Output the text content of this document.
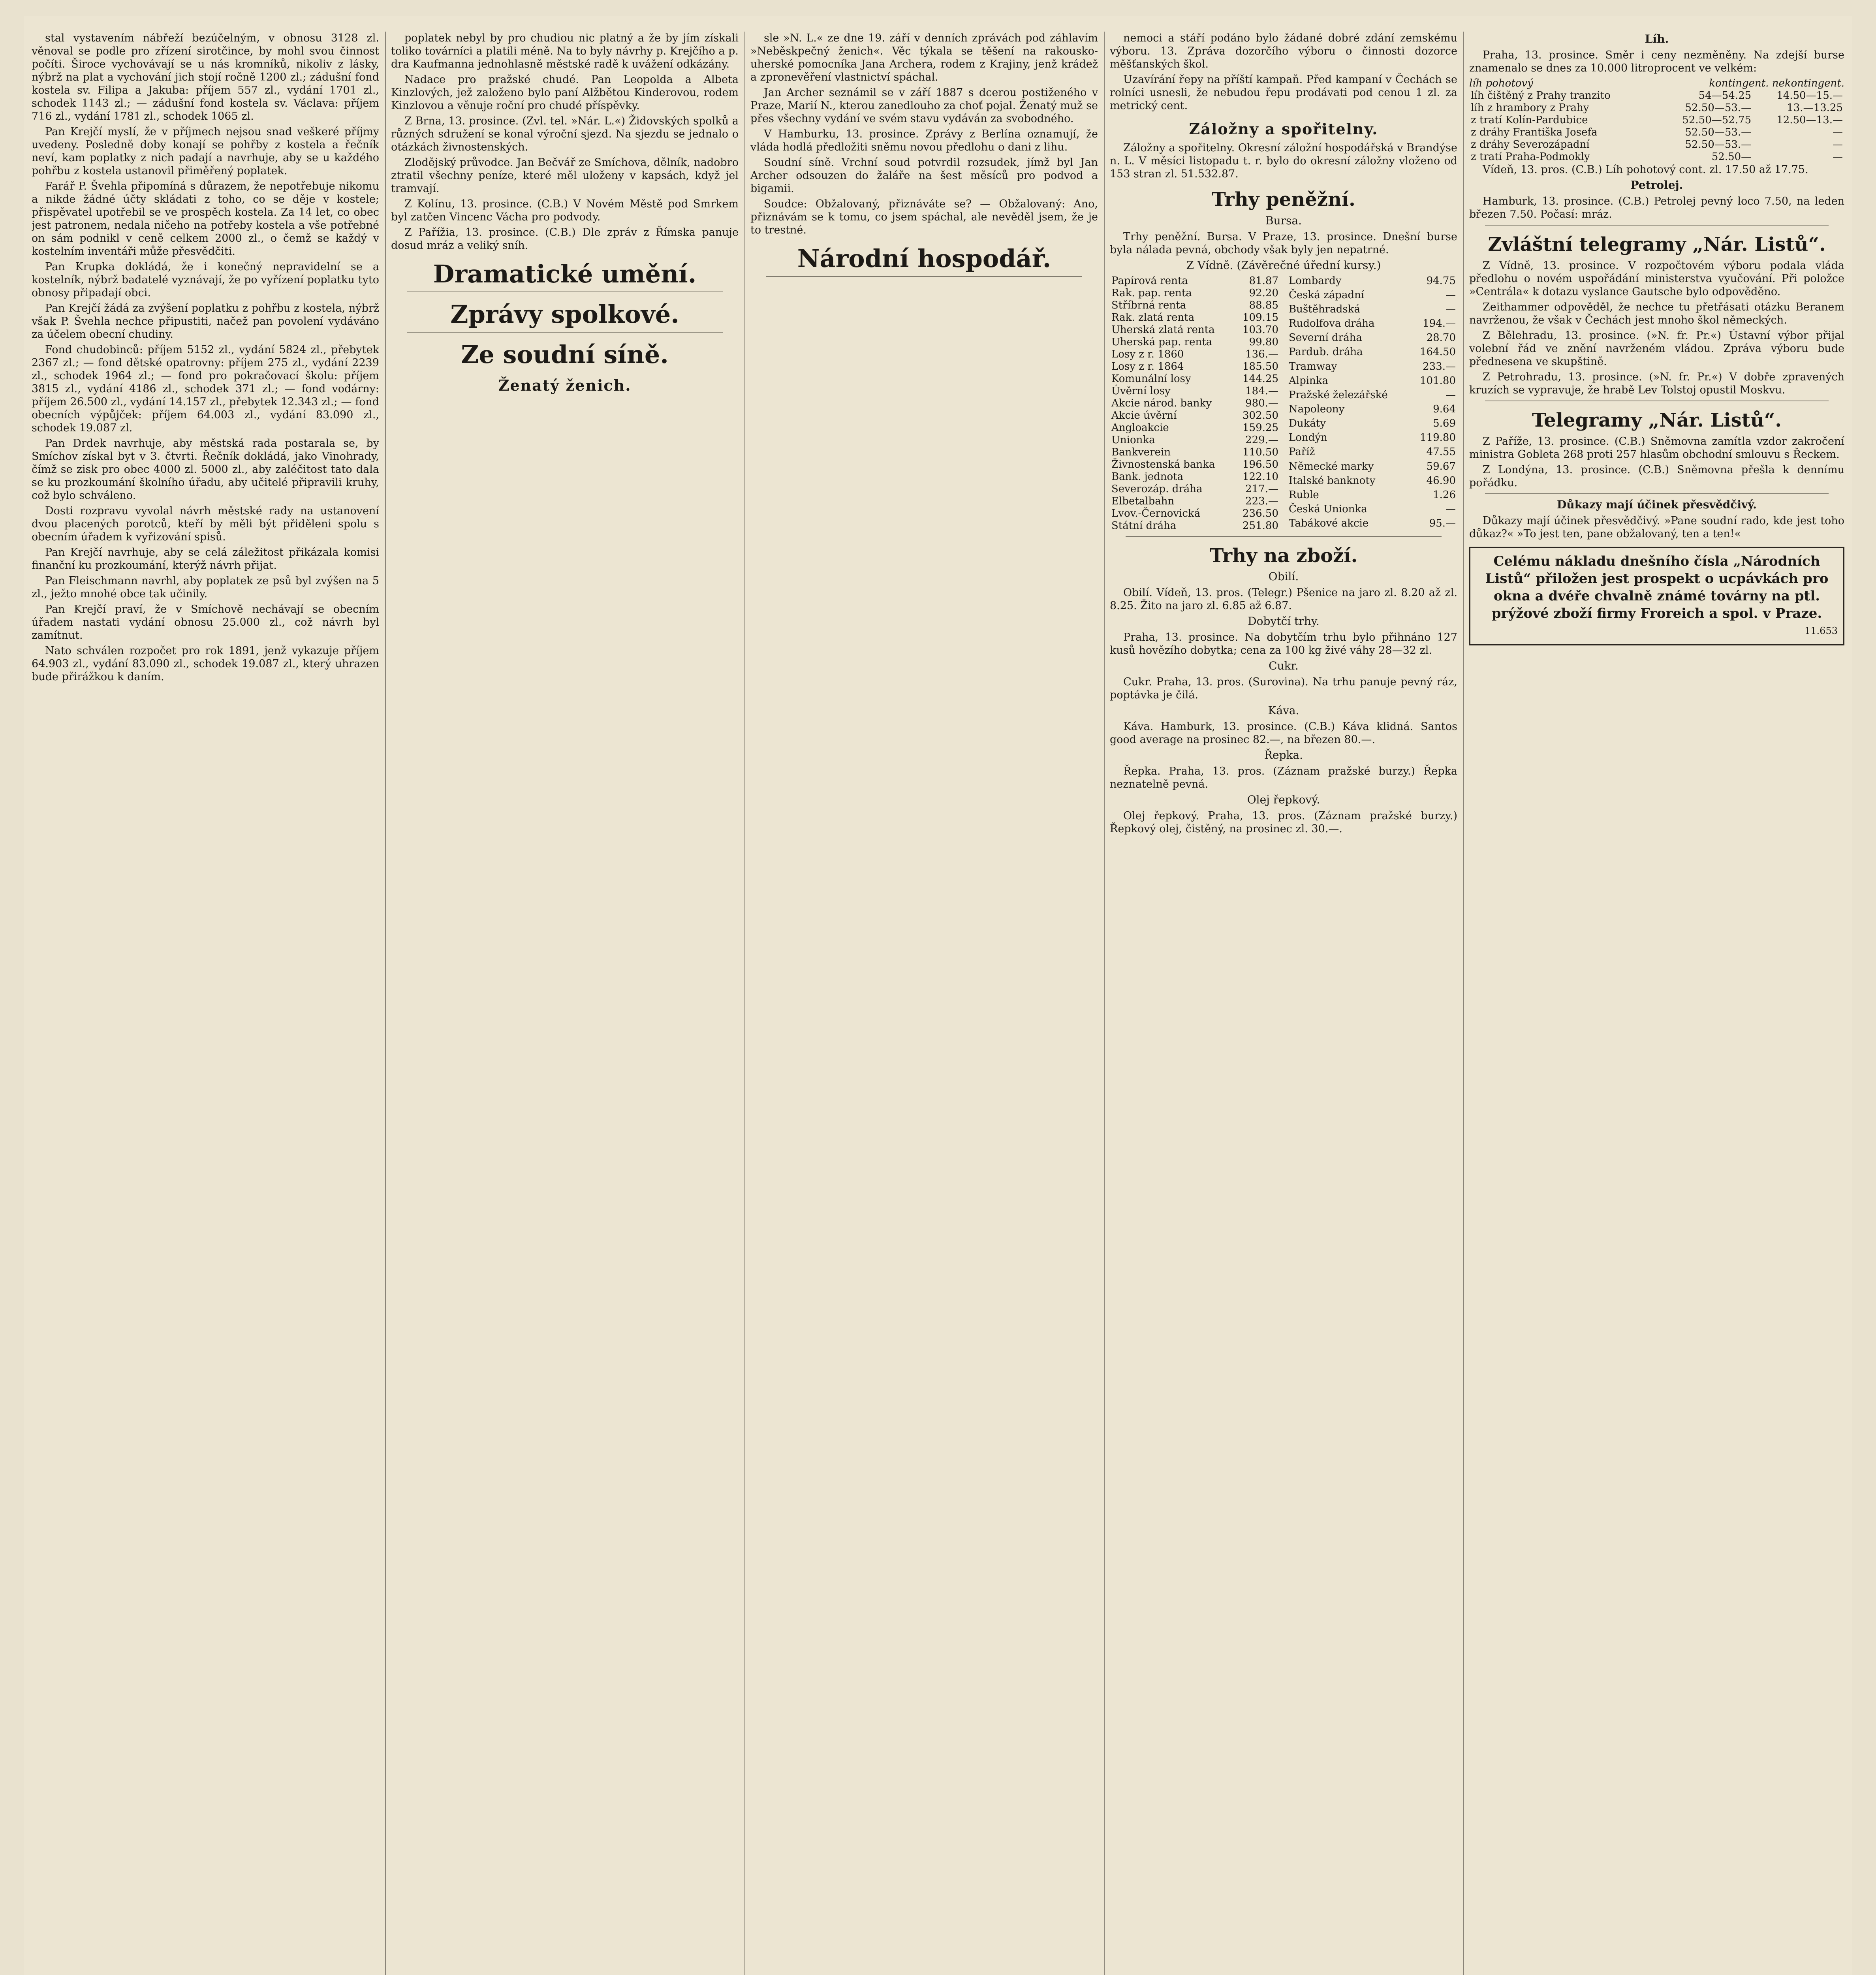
stal vystavením nábřeží bezúčelným, v obnosu 3128 zl. věnoval se podle pro zřízení sirotčince, by mohl svou činnost počíti. Široce vychovávají se u nás kromníků, nikoliv z lásky, nýbrž na plat a vychování jich stojí ročně 1200 zl.; zádušní fond kostela sv. Filipa a Jakuba: příjem 557 zl., vydání 1701 zl., schodek 1143 zl.; — zádušní fond kostela sv. Václava: příjem 716 zl., vydání 1781 zl., schodek 1065 zl.

Pan Krejčí myslí, že v příjmech nejsou snad veškeré příjmy uvedeny. Posledně doby konají se pohřby z kostela a řečník neví, kam poplatky z nich padají a navrhuje, aby se u každého pohřbu z kostela ustanovil přiměřený poplatek.

Farář P. Švehla připomíná s důrazem, že nepotřebuje nikomu a nikde žádné účty skládati z toho, co se děje v kostele; přispěvatel upotřebil se ve prospěch kostela. Za 14 let, co obec jest patronem, nedala ničeho na potřeby kostela a vše potřebné on sám podnikl v ceně celkem 2000 zl., o čemž se každý v kostelním inventáři může přesvědčiti.

Pan Krupka dokládá, že i konečný nepravidelní se a kostelník, nýbrž badatelé vyznávají, že po vyřízení poplatku tyto obnosy připadají obci.

Pan Krejčí žádá za zvýšení poplatku z pohřbu z kostela, nýbrž však P. Švehla nechce připustiti, načež pan povolení vydáváno za účelem obecní chudiny.

Fond chudobinců: příjem 5152 zl., vydání 5824 zl., přebytek 2367 zl.; — fond dětské opatrovny: příjem 275 zl., vydání 2239 zl., schodek 1964 zl.; — fond pro pokračovací školu: příjem 3815 zl., vydání 4186 zl., schodek 371 zl.; — fond vodárny: příjem 26.500 zl., vydání 14.157 zl., přebytek 12.343 zl.; — fond obecních výpůjček: příjem 64.003 zl., vydání 83.090 zl., schodek 19.087 zl.

Pan Drdek navrhuje, aby městská rada postarala se, by Smíchov získal byt v 3. čtvrti. Řečník dokládá, jako Vinohrady, čímž se zisk pro obec 4000 zl. 5000 zl., aby zaléčitost tato dala se ku prozkoumání školního úřadu, aby učitelé připravili kruhy, což bylo schváleno.

Dosti rozpravu vyvolal návrh městské rady na ustanovení dvou placených porotců, kteří by měli být přiděleni spolu s obecním úřadem k vyřizování spisů.

Pan Krejčí navrhuje, aby se celá záležitost přikázala komisi finanční ku prozkoumání, kterýž návrh přijat.

Pan Fleischmann navrhl, aby poplatek ze psů byl zvýšen na 5 zl., ježto mnohé obce tak učinily.

Pan Krejčí praví, že v Smíchově nechávají se obecním úřadem nastati vydání obnosu 25.000 zl., což návrh byl zamítnut.

Nato schválen rozpočet pro rok 1891, jenž vykazuje příjem 64.903 zl., vydání 83.090 zl., schodek 19.087 zl., který uhrazen bude přirážkou k daním.

poplatek nebyl by pro chudiou nic platný a že by jím získali toliko továrníci a platili méně. Na to byly návrhy p. Krejčího a p. dra Kaufmanna jednohlasně městské radě k uvážení odkázány.

Nadace pro pražské chudé. Pan Leopolda a Albeta Kinzlových, jež založeno bylo paní Alžbětou Kinderovou, rodem Kinzlovou a věnuje roční pro chudé příspěvky.

Z Brna, 13. prosince. (Zvl. tel. »Nár. L.«) Židovských spolků a různých sdružení se konal výroční sjezd. Na sjezdu se jednalo o otázkách živnostenských.

Zlodějský průvodce. Jan Bečvář ze Smíchova, dělník, nadobro ztratil všechny peníze, které měl uloženy v kapsách, když jel tramvají.

Z Kolínu, 13. prosince. (C.B.) V Novém Městě pod Smrkem byl zatčen Vincenc Vácha pro podvody.

Z Pařížia, 13. prosince. (C.B.) Dle zpráv z Římska panuje dosud mráz a veliký sníh.

Dramatické umění.
Zprávy spolkové.
Ze soudní síně.
Ženatý ženich.

sle »N. L.« ze dne 19. září v denních zprávách pod záhlavím »Neběskpečný ženich«. Věc týkala se těšení na rakouskouherské pomocníka Jana Archera, rodem z Krajiny, jenž krádež a zpronevěření vlastnictví spáchal.

Jan Archer seznámil se v září 1887 s dcerou postiženého v Praze, Marií N., kterou zanedlouho za choť pojal. Ženatý muž se přes všechny vydání ve svém stavu vydáván za svobodného.

V Hamburku, 13. prosince. Zprávy z Berlína oznamují, že vláda hodlá předložiti sněmu novou předlohu o dani z lihu.

Soudní síně. Vrchní soud potvrdil rozsudek, jímž byl Jan Archer odsouzen do žaláře na šest měsíců pro podvod a bigamii.

Soudce: Obžalovaný, přiznáváte se? — Obžalovaný: Ano, přiznávám se k tomu, co jsem spáchal, ale nevěděl jsem, že je to trestné.

Národní hospodář.

nemoci a stáří podáno bylo žádané dobré zdání zemskému výboru. 13. Zpráva dozorčího výboru o činnosti dozorce měšťanských škol.

Uzavírání řepy na příští kampaň. Před kampaní v Čechách se rolníci usnesli, že nebudou řepu prodávati pod cenou 1 zl. za metrický cent.

Záložny a spořitelny.

Záložny a spořitelny. Okresní záložní hospodářská v Brandýse n. L. V měsíci listopadu t. r. bylo do okresní záložny vloženo od 153 stran zl. 51.532.87.

Trhy peněžní.
Bursa.

Trhy peněžní. Bursa. V Praze, 13. prosince. Dnešní burse byla nálada pevná, obchody však byly jen nepatrné.

Z Vídně. (Závěrečné úřední kursy.)
Papírová renta	81.87
Rak. pap. renta	92.20
Stříbrná renta	88.85
Rak. zlatá renta	109.15
Uherská zlatá renta	103.70
Uherská pap. renta	99.80
Losy z r. 1860	136.—
Losy z r. 1864	185.50
Komunální losy	144.25
Úvěrní losy	184.—
Akcie národ. banky	980.—
Akcie úvěrní	302.50
Angloakcie	159.25
Unionka	229.—
Bankverein	110.50
Živnostenská banka	196.50
Bank. jednota	122.10
Severozáp. dráha	217.—
Elbetalbahn	223.—
Lvov.-Černovická	236.50
Státní dráha	251.80
Lombardy	94.75
Česká západní	—
Buštěhradská	—
Rudolfova dráha	194.—
Severní dráha	28.70
Pardub. dráha	164.50
Tramway	233.—
Alpinka	101.80
Pražské železářské	—
Napoleony	9.64
Dukáty	5.69
Londýn	119.80
Paříž	47.55
Německé marky	59.67
Italské banknoty	46.90
Ruble	1.26
Česká Unionka	—
Tabákové akcie	95.—
Trhy na zboží.
Obilí.

Obilí. Vídeň, 13. pros. (Telegr.) Pšenice na jaro zl. 8.20 až zl. 8.25. Žito na jaro zl. 6.85 až 6.87.

Dobytčí trhy.

Praha, 13. prosince. Na dobytčím trhu bylo přihnáno 127 kusů hovězího dobytka; cena za 100 kg živé váhy 28—32 zl.

Cukr.

Cukr. Praha, 13. pros. (Surovina). Na trhu panuje pevný ráz, poptávka je čilá.

Káva.

Káva. Hamburk, 13. prosince. (C.B.) Káva klidná. Santos good average na prosinec 82.—, na březen 80.—.

Řepka.

Řepka. Praha, 13. pros. (Záznam pražské burzy.) Řepka neznatelně pevná.

Olej řepkový.

Olej řepkový. Praha, 13. pros. (Záznam pražské burzy.) Řepkový olej, čistěný, na prosinec zl. 30.—.

Líh.

Praha, 13. prosince. Směr i ceny nezměněny. Na zdejší burse znamenalo se dnes za 10.000 litroprocent ve velkém:

líh pohotový	kontingent. nekontingent.
líh čištěný z Prahy tranzito	54—54.25	14.50—15.—
líh z hrambory z Prahy	52.50—53.—	13.—13.25
z tratí Kolín-Pardubice	52.50—52.75	12.50—13.—
z dráhy Františka Josefa	52.50—53.—	—
z dráhy Severozápadní	52.50—53.—	—
z tratí Praha-Podmokly	52.50—	—

Vídeň, 13. pros. (C.B.) Líh pohotový cont. zl. 17.50 až 17.75.

Petrolej.

Hamburk, 13. prosince. (C.B.) Petrolej pevný loco 7.50, na leden březen 7.50. Počasí: mráz.

Zvláštní telegramy „Nár. Listů“.

Z Vídně, 13. prosince. V rozpočtovém výboru podala vláda předlohu o novém uspořádání ministerstva vyučování. Při položce »Centrála« k dotazu vyslance Gautsche bylo odpověděno.

Zeithammer odpověděl, že nechce tu přetřásati otázku Beranem navrženou, že však v Čechách jest mnoho škol německých.

Z Bělehradu, 13. prosince. (»N. fr. Pr.«) Ústavní výbor přijal volební řád ve znění navrženém vládou. Zpráva výboru bude přednesena ve skupštině.

Z Petrohradu, 13. prosince. (»N. fr. Pr.«) V dobře zpravených kruzích se vypravuje, že hrabě Lev Tolstoj opustil Moskvu.

Telegramy „Nár. Listů“.

Z Paříže, 13. prosince. (C.B.) Sněmovna zamítla vzdor zakročení ministra Gobleta 268 proti 257 hlasům obchodní smlouvu s Řeckem.

Z Londýna, 13. prosince. (C.B.) Sněmovna přešla k dennímu pořádku.

Důkazy mají účinek přesvědčivý.

Důkazy mají účinek přesvědčivý. »Pane soudní rado, kde jest toho důkaz?« »To jest ten, pane obžalovaný, ten a ten!«

Celému nákladu dnešního čísla „Národních Listů“ přiložen jest prospekt o ucpávkách pro okna a dvéře chvalně známé továrny na ptl. prýžové zboží firmy Froreich a spol. v Praze.
11.653
